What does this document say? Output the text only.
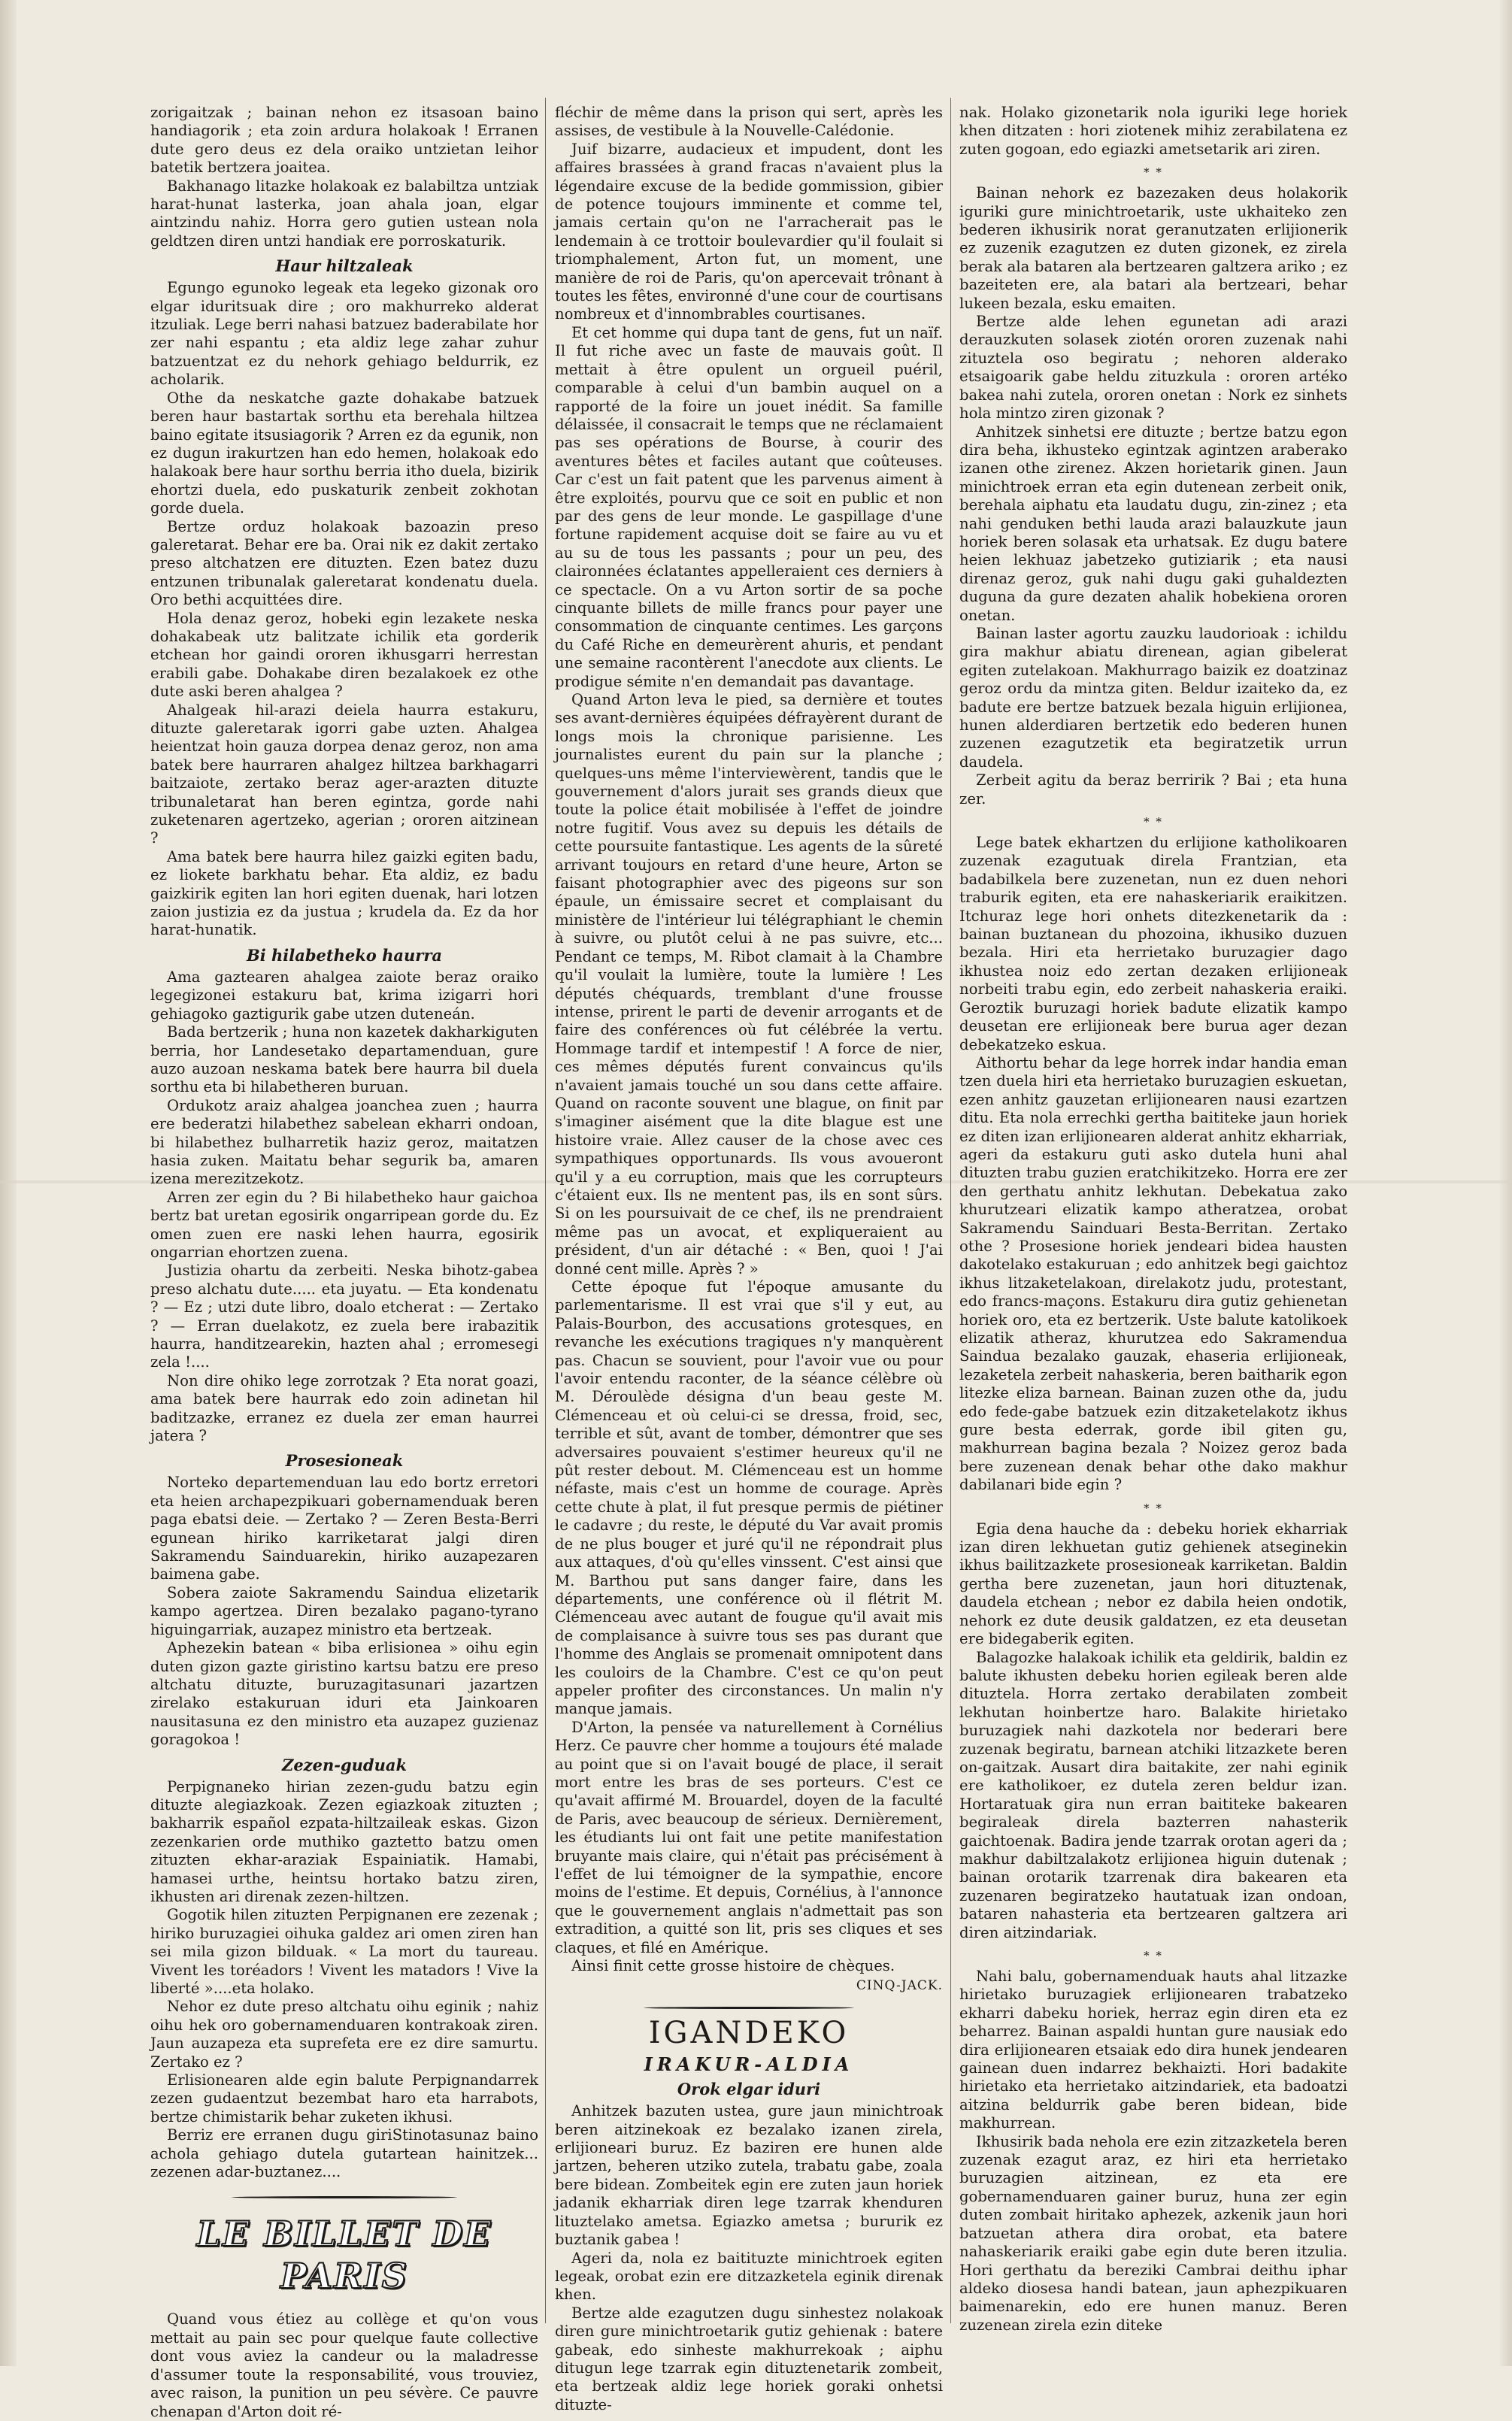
zorigaitzak ; bainan nehon ez itsasoan baino handiagorik ; eta zoin ardura holakoak ! Erranen dute gero deus ez dela oraiko untzietan leihor batetik bertzera joaitea.

Bakhanago litazke holakoak ez balabiltza untziak harat-hunat lasterka, joan ahala joan, elgar aintzindu nahiz. Horra gero gutien ustean nola geldtzen diren untzi handiak ere porroskaturik.

Haur hiltzaleak

Egungo egunoko legeak eta legeko gizonak oro elgar iduritsuak dire ; oro makhurreko alderat itzuliak. Lege berri nahasi batzuez baderabilate hor zer nahi espantu ; eta aldiz lege zahar zuhur batzuentzat ez du nehork gehiago beldurrik, ez acholarik.

Othe da neskatche gazte dohakabe batzuek beren haur bastartak sorthu eta berehala hiltzea baino egitate itsusiagorik ? Arren ez da egunik, non ez dugun irakurtzen han edo hemen, holakoak edo halakoak bere haur sorthu berria itho duela, bizirik ehortzi duela, edo puskaturik zenbeit zokhotan gorde duela.

Bertze orduz holakoak bazoazin preso galeretarat. Behar ere ba. Orai nik ez dakit zertako preso altchatzen ere dituzten. Ezen batez duzu entzunen tribunalak galeretarat kondenatu duela. Oro bethi acquittées dire.

Hola denaz geroz, hobeki egin lezakete neska dohakabeak utz balitzate ichilik eta gorderik etchean hor gaindi ororen ikhusgarri herrestan erabili gabe. Dohakabe diren bezalakoek ez othe dute aski beren ahalgea ?

Ahalgeak hil-arazi deiela haurra estakuru, dituzte galeretarak igorri gabe uzten. Ahalgea heientzat hoin gauza dorpea denaz geroz, non ama batek bere haurraren ahalgez hiltzea barkhagarri baitzaiote, zertako beraz ager-arazten dituzte tribunaletarat han beren egintza, gorde nahi zuketenaren agertzeko, agerian ; ororen aitzinean ?

Ama batek bere haurra hilez gaizki egiten badu, ez liokete barkhatu behar. Eta aldiz, ez badu gaizkirik egiten lan hori egiten duenak, hari lotzen zaion justizia ez da justua ; krudela da. Ez da hor harat-hunatik.

Bi hilabetheko haurra

Ama gaztearen ahalgea zaiote beraz oraiko legegizonei estakuru bat, krima izigarri hori gehiagoko gaztigurik gabe utzen duteneán.

Bada bertzerik ; huna non kazetek dakharkiguten berria, hor Landesetako departamenduan, gure auzo auzoan neskama batek bere haurra bil duela sorthu eta bi hilabetheren buruan.

Ordukotz araiz ahalgea joanchea zuen ; haurra ere bederatzi hilabethez sabelean ekharri ondoan, bi hilabethez bulharretik haziz geroz, maitatzen hasia zuken. Maitatu behar segurik ba, amaren izena merezitzekotz.

Arren zer egin du ? Bi hilabetheko haur gaichoa bertz bat uretan egosirik ongarripean gorde du. Ez omen zuen ere naski lehen haurra, egosirik ongarrian ehortzen zuena.

Justizia ohartu da zerbeiti. Neska bihotz-gabea preso alchatu dute..... eta juyatu. — Eta kondenatu ? — Ez ; utzi dute libro, doalo etcherat : — Zertako ? — Erran duelakotz, ez zuela bere irabazitik haurra, handitzearekin, hazten ahal ; erromesegi zela !....

Non dire ohiko lege zorrotzak ? Eta norat goazi, ama batek bere haurrak edo zoin adinetan hil baditzazke, erranez ez duela zer eman haurrei jatera ?

Prosesioneak

Norteko departemenduan lau edo bortz erretori eta heien archapezpikuari gobernamenduak beren paga ebatsi deie. — Zertako ? — Zeren Besta-Berri egunean hiriko karriketarat jalgi diren Sakramendu Sainduarekin, hiriko auzapezaren baimena gabe.

Sobera zaiote Sakramendu Saindua elizetarik kampo agertzea. Diren bezalako pagano-tyrano higuingarriak, auzapez ministro eta bertzeak.

Aphezekin batean « biba erlisionea » oihu egin duten gizon gazte giristino kartsu batzu ere preso altchatu dituzte, buruzagitasunari jazartzen zirelako estakuruan iduri eta Jainkoaren nausitasuna ez den ministro eta auzapez guzienaz goragokoa !

Zezen-guduak

Perpignaneko hirian zezen-gudu batzu egin dituzte alegiazkoak. Zezen egiazkoak zituzten ; bakharrik español ezpata-hiltzaileak eskas. Gizon zezenkarien orde muthiko gaztetto batzu omen zituzten ekhar-araziak Espainiatik. Hamabi, hamasei urthe, heintsu hortako batzu ziren, ikhusten ari direnak zezen-hiltzen.

Gogotik hilen zituzten Perpignanen ere zezenak ; hiriko buruzagiei oihuka galdez ari omen ziren han sei mila gizon bilduak. « La mort du taureau. Vivent les toréadors ! Vivent les matadors ! Vive la liberté »....eta holako.

Nehor ez dute preso altchatu oihu eginik ; nahiz oihu hek oro gobernamenduaren kontrakoak ziren. Jaun auzapeza eta suprefeta ere ez dire samurtu. Zertako ez ?

Erlisionearen alde egin balute Perpignandarrek zezen gudaentzut bezembat haro eta harrabots, bertze chimistarik behar zuketen ikhusi.

Berriz ere erranen dugu giriStinotasunaz baino achola gehiago dutela gutartean hainitzek... zezenen adar-buztanez....

LE BILLET DE PARIS

Quand vous étiez au collège et qu'on vous mettait au pain sec pour quelque faute collective dont vous aviez la candeur ou la maladresse d'assumer toute la responsabilité, vous trouviez, avec raison, la punition un peu sévère. Ce pauvre chenapan d'Arton doit ré-

fléchir de même dans la prison qui sert, après les assises, de vestibule à la Nouvelle-Calédonie.

Juif bizarre, audacieux et impudent, dont les affaires brassées à grand fracas n'avaient plus la légendaire excuse de la bedide gommission, gibier de potence toujours imminente et comme tel, jamais certain qu'on ne l'arracherait pas le lendemain à ce trottoir boulevardier qu'il foulait si triomphalement, Arton fut, un moment, une manière de roi de Paris, qu'on apercevait trônant à toutes les fêtes, environné d'une cour de courtisans nombreux et d'innombrables courtisanes.

Et cet homme qui dupa tant de gens, fut un naïf. Il fut riche avec un faste de mauvais goût. Il mettait à être opulent un orgueil puéril, comparable à celui d'un bambin auquel on a rapporté de la foire un jouet inédit. Sa famille délaissée, il consacrait le temps que ne réclamaient pas ses opérations de Bourse, à courir des aventures bêtes et faciles autant que coûteuses. Car c'est un fait patent que les parvenus aiment à être exploités, pourvu que ce soit en public et non par des gens de leur monde. Le gaspillage d'une fortune rapidement acquise doit se faire au vu et au su de tous les passants ; pour un peu, des claironnées éclatantes appelleraient ces derniers à ce spectacle. On a vu Arton sortir de sa poche cinquante billets de mille francs pour payer une consommation de cinquante centimes. Les garçons du Café Riche en demeurèrent ahuris, et pendant une semaine racontèrent l'anecdote aux clients. Le prodigue sémite n'en demandait pas davantage.

Quand Arton leva le pied, sa dernière et toutes ses avant-dernières équipées défrayèrent durant de longs mois la chronique parisienne. Les journalistes eurent du pain sur la planche ; quelques-uns même l'interviewèrent, tandis que le gouvernement d'alors jurait ses grands dieux que toute la police était mobilisée à l'effet de joindre notre fugitif. Vous avez su depuis les détails de cette poursuite fantastique. Les agents de la sûreté arrivant toujours en retard d'une heure, Arton se faisant photographier avec des pigeons sur son épaule, un émissaire secret et complaisant du ministère de l'intérieur lui télégraphiant le chemin à suivre, ou plutôt celui à ne pas suivre, etc... Pendant ce temps, M. Ribot clamait à la Chambre qu'il voulait la lumière, toute la lumière ! Les députés chéquards, tremblant d'une frousse intense, prirent le parti de devenir arrogants et de faire des conférences où fut célébrée la vertu. Hommage tardif et intempestif ! A force de nier, ces mêmes députés furent convaincus qu'ils n'avaient jamais touché un sou dans cette affaire. Quand on raconte souvent une blague, on finit par s'imaginer aisément que la dite blague est une histoire vraie. Allez causer de la chose avec ces sympathiques opportunards. Ils vous avoueront qu'il y a eu corruption, mais que les corrupteurs c'étaient eux. Ils ne mentent pas, ils en sont sûrs. Si on les poursuivait de ce chef, ils ne prendraient même pas un avocat, et expliqueraient au président, d'un air détaché : « Ben, quoi ! J'ai donné cent mille. Après ? »

Cette époque fut l'époque amusante du parlementarisme. Il est vrai que s'il y eut, au Palais-Bourbon, des accusations grotesques, en revanche les exécutions tragiques n'y manquèrent pas. Chacun se souvient, pour l'avoir vue ou pour l'avoir entendu raconter, de la séance célèbre où M. Déroulède désigna d'un beau geste M. Clémenceau et où celui-ci se dressa, froid, sec, terrible et sût, avant de tomber, démontrer que ses adversaires pouvaient s'estimer heureux qu'il ne pût rester debout. M. Clémenceau est un homme néfaste, mais c'est un homme de courage. Après cette chute à plat, il fut presque permis de piétiner le cadavre ; du reste, le député du Var avait promis de ne plus bouger et juré qu'il ne répondrait plus aux attaques, d'où qu'elles vinssent. C'est ainsi que M. Barthou put sans danger faire, dans les départements, une conférence où il flétrit M. Clémenceau avec autant de fougue qu'il avait mis de complaisance à suivre tous ses pas durant que l'homme des Anglais se promenait omnipotent dans les couloirs de la Chambre. C'est ce qu'on peut appeler profiter des circonstances. Un malin n'y manque jamais.

D'Arton, la pensée va naturellement à Cornélius Herz. Ce pauvre cher homme a toujours été malade au point que si on l'avait bougé de place, il serait mort entre les bras de ses porteurs. C'est ce qu'avait affirmé M. Brouardel, doyen de la faculté de Paris, avec beaucoup de sérieux. Dernièrement, les étudiants lui ont fait une petite manifestation bruyante mais claire, qui n'était pas précisément à l'effet de lui témoigner de la sympathie, encore moins de l'estime. Et depuis, Cornélius, à l'annonce que le gouvernement anglais n'admettait pas son extradition, a quitté son lit, pris ses cliques et ses claques, et filé en Amérique.

Ainsi finit cette grosse histoire de chèques.

CINQ-JACK.
IGANDEKO
IRAKUR-ALDIA
Orok elgar iduri

Anhitzek bazuten ustea, gure jaun minichtroak beren aitzinekoak ez bezalako izanen zirela, erlijioneari buruz. Ez baziren ere hunen alde jartzen, beheren utziko zutela, trabatu gabe, zoala bere bidean. Zombeitek egin ere zuten jaun horiek jadanik ekharriak diren lege tzarrak khenduren lituztelako ametsa. Egiazko ametsa ; bururik ez buztanik gabea !

Ageri da, nola ez baitituzte minichtroek egiten legeak, orobat ezin ere ditzazketela eginik direnak khen.

Bertze alde ezagutzen dugu sinhestez nolakoak diren gure minichtroetarik gutiz gehienak : batere gabeak, edo sinheste makhurrekoak ; aiphu ditugun lege tzarrak egin dituztenetarik zombeit, eta bertzeak aldiz lege horiek goraki onhetsi dituzte-

nak. Holako gizonetarik nola iguriki lege horiek khen ditzaten : hori ziotenek mihiz zerabilatena ez zuten gogoan, edo egiazki ametsetarik ari ziren.

* *

Bainan nehork ez bazezaken deus holakorik iguriki gure minichtroetarik, uste ukhaiteko zen bederen ikhusirik norat geranutzaten erlijionerik ez zuzenik ezagutzen ez duten gizonek, ez zirela berak ala bataren ala bertzearen galtzera ariko ; ez bazeiteten ere, ala batari ala bertzeari, behar lukeen bezala, esku emaiten.

Bertze alde lehen egunetan adi arazi derauzkuten solasek ziotén ororen zuzenak nahi zituztela oso begiratu ; nehoren alderako etsaigoarik gabe heldu zituzkula : ororen artéko bakea nahi zutela, ororen onetan : Nork ez sinhets hola mintzo ziren gizonak ?

Anhitzek sinhetsi ere dituzte ; bertze batzu egon dira beha, ikhusteko egintzak agintzen araberako izanen othe zirenez. Akzen horietarik ginen. Jaun minichtroek erran eta egin dutenean zerbeit onik, berehala aiphatu eta laudatu dugu, zin-zinez ; eta nahi genduken bethi lauda arazi balauzkute jaun horiek beren solasak eta urhatsak. Ez dugu batere heien lekhuaz jabetzeko gutiziarik ; eta nausi direnaz geroz, guk nahi dugu gaki guhaldezten duguna da gure dezaten ahalik hobekiena ororen onetan.

Bainan laster agortu zauzku laudorioak : ichildu gira makhur abiatu direnean, agian gibelerat egiten zutelakoan. Makhurrago baizik ez doatzinaz geroz ordu da mintza giten. Beldur izaiteko da, ez badute ere bertze batzuek bezala higuin erlijionea, hunen alderdiaren bertzetik edo bederen hunen zuzenen ezagutzetik eta begiratzetik urrun daudela.

Zerbeit agitu da beraz berririk ? Bai ; eta huna zer.

* *

Lege batek ekhartzen du erlijione katholikoaren zuzenak ezagutuak direla Frantzian, eta badabilkela bere zuzenetan, nun ez duen nehori traburik egiten, eta ere nahaskeriarik eraikitzen. Itchuraz lege hori onhets ditezkenetarik da : bainan buztanean du phozoina, ikhusiko duzuen bezala. Hiri eta herrietako buruzagier dago ikhustea noiz edo zertan dezaken erlijioneak norbeiti trabu egin, edo zerbeit nahaskeria eraiki. Geroztik buruzagi horiek badute elizatik kampo deusetan ere erlijioneak bere burua ager dezan debekatzeko eskua.

Aithortu behar da lege horrek indar handia eman tzen duela hiri eta herrietako buruzagien eskuetan, ezen anhitz gauzetan erlijionearen nausi ezartzen ditu. Eta nola errechki gertha baititeke jaun horiek ez diten izan erlijionearen alderat anhitz ekharriak, ageri da estakuru guti asko dutela huni ahal dituzten trabu guzien eratchikitzeko. Horra ere zer den gerthatu anhitz lekhutan. Debekatua zako khurutzeari elizatik kampo atheratzea, orobat Sakramendu Sainduari Besta-Berritan. Zertako othe ? Prosesione horiek jendeari bidea hausten dakotelako estakuruan ; edo anhitzek begi gaichtoz ikhus litzaketelakoan, direlakotz judu, protestant, edo francs-maçons. Estakuru dira gutiz gehienetan horiek oro, eta ez bertzerik. Uste balute katolikoek elizatik atheraz, khurutzea edo Sakramendua Saindua bezalako gauzak, ehaseria erlijioneak, lezaketela zerbeit nahaskeria, beren baitharik egon litezke eliza barnean. Bainan zuzen othe da, judu edo fede-gabe batzuek ezin ditzaketelakotz ikhus gure besta ederrak, gorde ibil giten gu, makhurrean bagina bezala ? Noizez geroz bada bere zuzenean denak behar othe dako makhur dabilanari bide egin ?

* *

Egia dena hauche da : debeku horiek ekharriak izan diren lekhuetan gutiz gehienek atseginekin ikhus bailitzazkete prosesioneak karriketan. Baldin gertha bere zuzenetan, jaun hori dituztenak, daudela etchean ; nebor ez dabila heien ondotik, nehork ez dute deusik galdatzen, ez eta deusetan ere bidegaberik egiten.

Balagozke halakoak ichilik eta geldirik, baldin ez balute ikhusten debeku horien egileak beren alde dituztela. Horra zertako derabilaten zombeit lekhutan hoinbertze haro. Balakite hirietako buruzagiek nahi dazkotela nor bederari bere zuzenak begiratu, barnean atchiki litzazkete beren on-gaitzak. Ausart dira baitakite, zer nahi eginik ere katholikoer, ez dutela zeren beldur izan. Hortaratuak gira nun erran baititeke bakearen begiraleak direla bazterren nahasterik gaichtoenak. Badira jende tzarrak orotan ageri da ; makhur dabiltzalakotz erlijionea higuin dutenak ; bainan orotarik tzarrenak dira bakearen eta zuzenaren begiratzeko hautatuak izan ondoan, bataren nahasteria eta bertzearen galtzera ari diren aitzindariak.

* *

Nahi balu, gobernamenduak hauts ahal litzazke hirietako buruzagiek erlijionearen trabatzeko ekharri dabeku horiek, herraz egin diren eta ez beharrez. Bainan aspaldi huntan gure nausiak edo dira erlijionearen etsaiak edo dira hunek jendearen gainean duen indarrez bekhaizti. Hori badakite hirietako eta herrietako aitzindariek, eta badoatzi aitzina beldurrik gabe beren bidean, bide makhurrean.

Ikhusirik bada nehola ere ezin zitzazketela beren zuzenak ezagut araz, ez hiri eta herrietako buruzagien aitzinean, ez eta ere gobernamenduaren gainer buruz, huna zer egin duten zombait hiritako aphezek, azkenik jaun hori batzuetan athera dira orobat, eta batere nahaskeriarik eraiki gabe egin dute beren itzulia. Hori gerthatu da bereziki Cambrai deithu iphar aldeko diosesa handi batean, jaun aphezpikuaren baimenarekin, edo ere hunen manuz. Beren zuzenean zirela ezin diteke
